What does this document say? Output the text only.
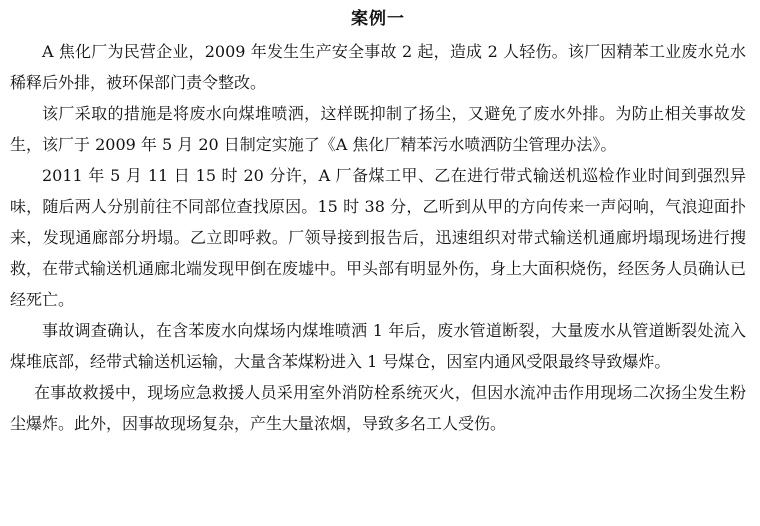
案例一

A 焦化厂为民营企业，2009 年发生生产安全事故 2 起，造成 2 人轻伤。该厂因精苯工业废水兑水稀释后外排，被环保部门责令整改。

该厂采取的措施是将废水向煤堆喷洒，这样既抑制了扬尘，又避免了废水外排。为防止相关事故发生，该厂于 2009 年 5 月 20 日制定实施了《A 焦化厂精苯污水喷洒防尘管理办法》。

2011 年 5 月 11 日 15 时 20 分许，A 厂备煤工甲、乙在进行带式输送机巡检作业时间到强烈异味，随后两人分别前往不同部位查找原因。15 时 38 分，乙听到从甲的方向传来一声闷响，气浪迎面扑来，发现通廊部分坍塌。乙立即呼救。厂领导接到报告后，迅速组织对带式输送机通廊坍塌现场进行搜救，在带式输送机通廊北端发现甲倒在废墟中。甲头部有明显外伤，身上大面积烧伤，经医务人员确认已经死亡。

事故调查确认，在含苯废水向煤场内煤堆喷洒 1 年后，废水管道断裂，大量废水从管道断裂处流入煤堆底部，经带式输送机运输，大量含苯煤粉进入 1 号煤仓，因室内通风受限最终导致爆炸。

在事故救援中，现场应急救援人员采用室外消防栓系统灭火，但因水流冲击作用现场二次扬尘发生粉尘爆炸。此外，因事故现场复杂，产生大量浓烟，导致多名工人受伤。
